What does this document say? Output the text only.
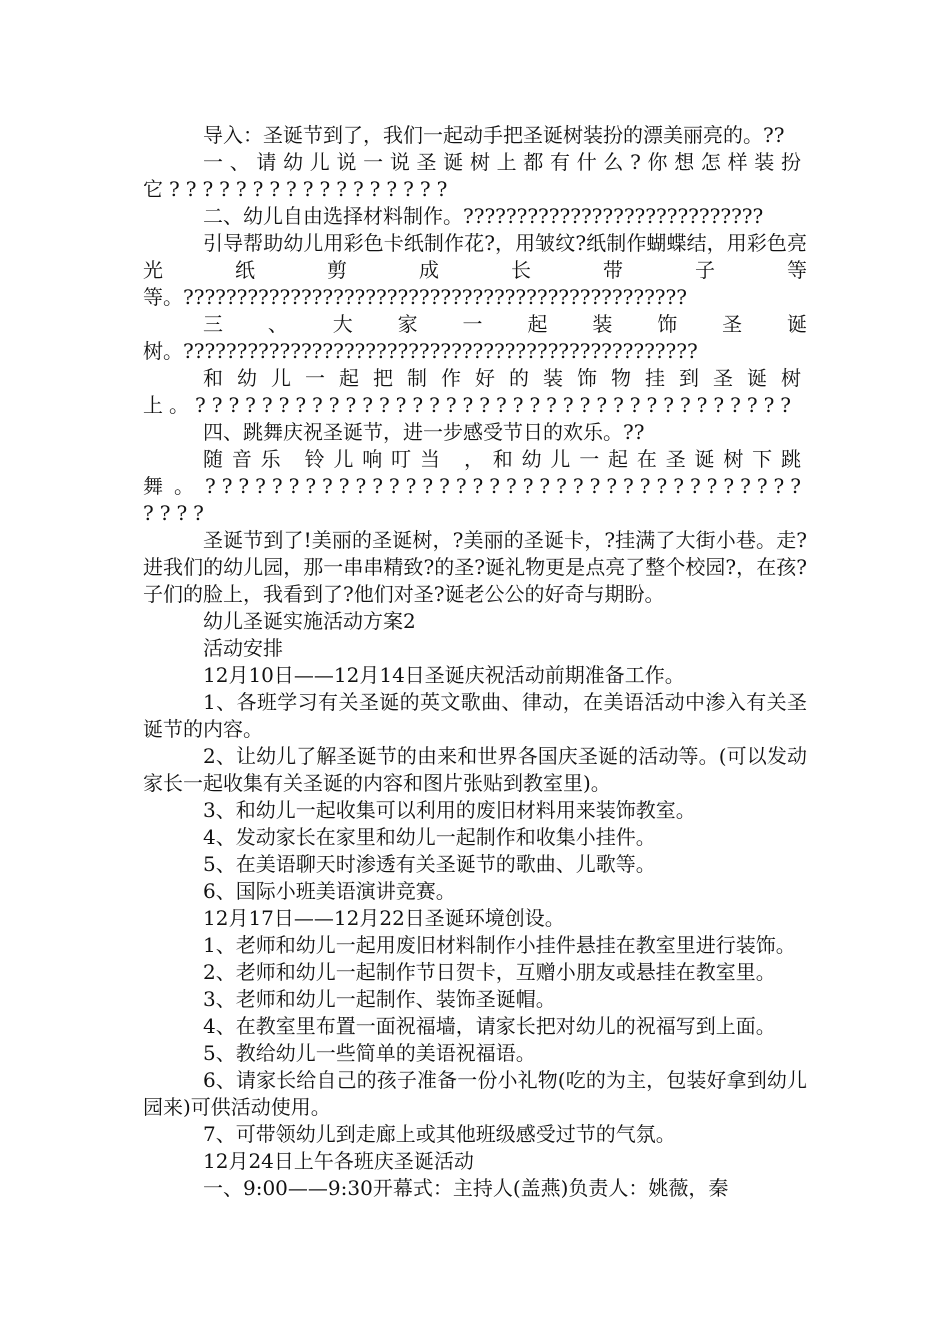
导入：圣诞节到了，我们一起动手把圣诞树装扮的漂美丽亮的。??

一、请幼儿说一说圣诞树上都有什么?你想怎样装扮它?????????????????

二、幼儿自由选择材料制作。????????????????????????????

引导帮助幼儿用彩色卡纸制作花?，用皱纹?纸制作蝴蝶结，用彩色亮光纸剪成长带子等等。???????????????????????????????????????????????

三、大家一起装饰圣诞树。????????????????????????????????????????????????

和幼儿一起把制作好的装饰物挂到圣诞树上。????????????????????????????????????

四、跳舞庆祝圣诞节，进一步感受节日的欢乐。??

随音乐 铃儿响叮当 ，和幼儿一起在圣诞树下跳舞。????????????????????????????????????????

圣诞节到了!美丽的圣诞树，?美丽的圣诞卡，?挂满了大街小巷。走?进我们的幼儿园，那一串串精致?的圣?诞礼物更是点亮了整个校园?，在孩?子们的脸上，我看到了?他们对圣?诞老公公的好奇与期盼。

幼儿圣诞实施活动方案2

活动安排

12月10日——12月14日圣诞庆祝活动前期准备工作。

1、各班学习有关圣诞的英文歌曲、律动，在美语活动中渗入有关圣诞节的内容。

2、让幼儿了解圣诞节的由来和世界各国庆圣诞的活动等。(可以发动家长一起收集有关圣诞的内容和图片张贴到教室里)。

3、和幼儿一起收集可以利用的废旧材料用来装饰教室。

4、发动家长在家里和幼儿一起制作和收集小挂件。

5、在美语聊天时渗透有关圣诞节的歌曲、儿歌等。

6、国际小班美语演讲竞赛。

12月17日——12月22日圣诞环境创设。

1、老师和幼儿一起用废旧材料制作小挂件悬挂在教室里进行装饰。

2、老师和幼儿一起制作节日贺卡，互赠小朋友或悬挂在教室里。

3、老师和幼儿一起制作、装饰圣诞帽。

4、在教室里布置一面祝福墙，请家长把对幼儿的祝福写到上面。

5、教给幼儿一些简单的美语祝福语。

6、请家长给自己的孩子准备一份小礼物(吃的为主，包装好拿到幼儿园来)可供活动使用。

7、可带领幼儿到走廊上或其他班级感受过节的气氛。

12月24日上午各班庆圣诞活动

一、9:00——9:30开幕式：主持人(盖燕)负责人：姚薇，秦
